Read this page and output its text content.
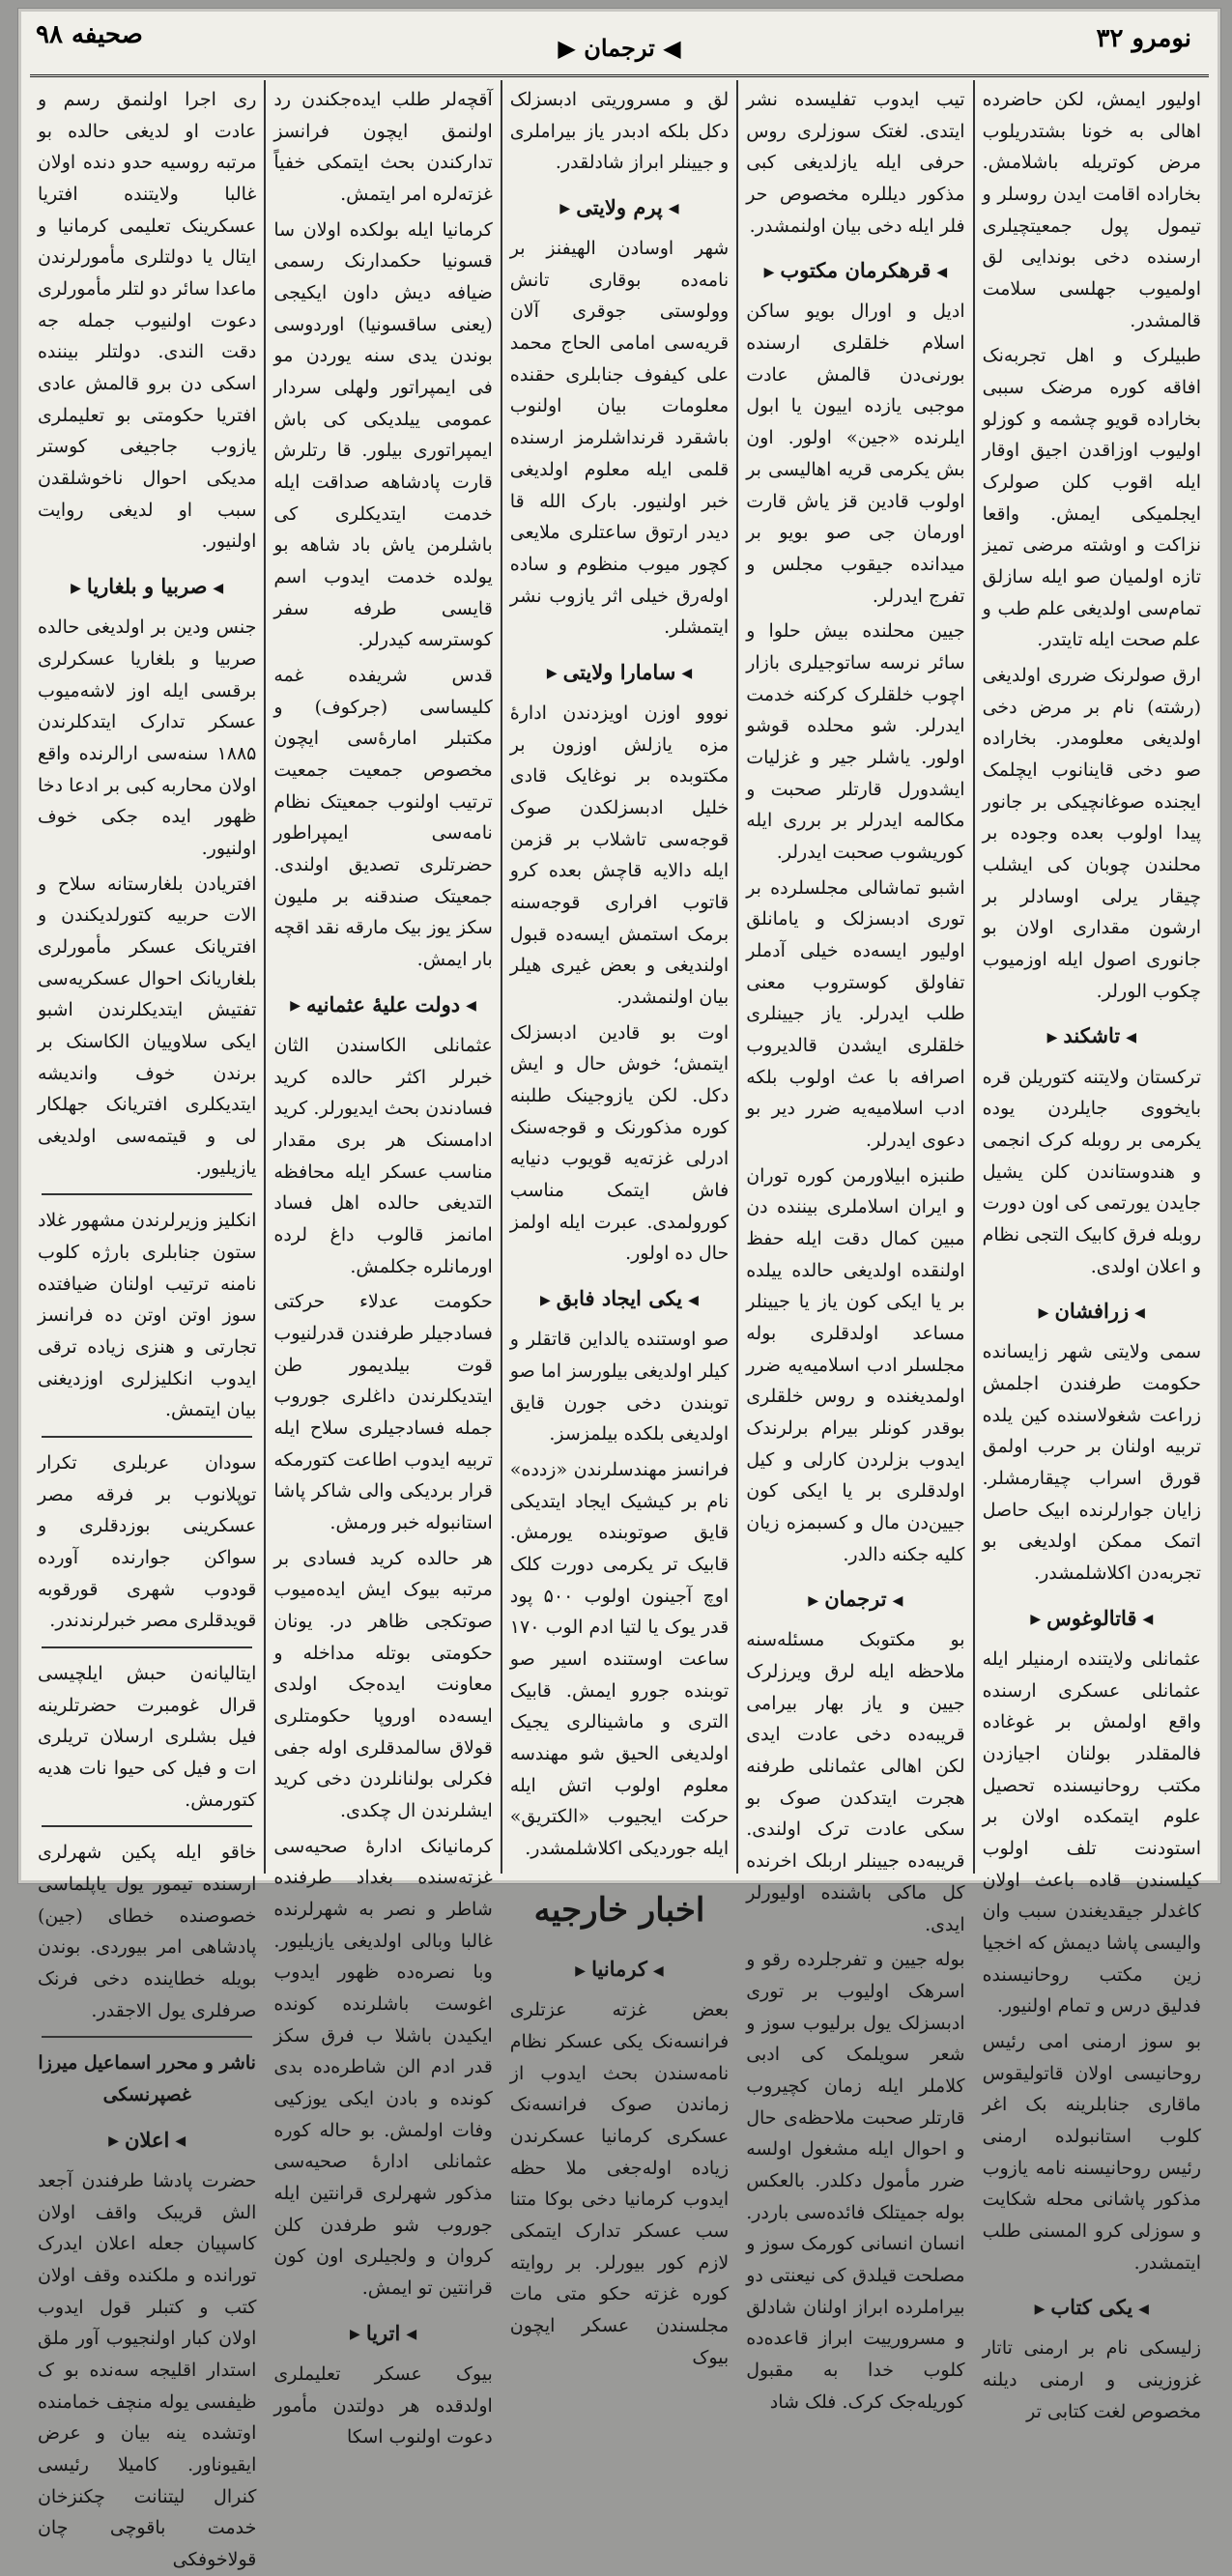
صحیفه ۹۸	◀ ترجمان ▶	نومرو ۳۲

اولیور ایمش، لکن حاضرده اهالی به خونا بشتدریلوب مرض کوتریله باشلامش. بخاراده اقامت ایدن روسلر و تیمول پول جمعیتچیلری ارسنده دخی بوندایی لق اولمیوب جهلسی سلامت قالمشدر.

طبیلرک و اهل تجربه‌نک افاقه کوره مرضک سببی بخاراده قویو چشمه و کوزلو اولیوب اوزاقدن اجیق اوقار ایله اقوب کلن صولرک ایجلمیکی ایمش. واقعا نزاکت و اوشته مرضی تمیز تازه اولمیان صو ایله سازلق تمام‌سی اولدیغی علم طب و علم صحت ایله تایتدر.

ارق صولرنک ضرری اولدیغی (رشته) نام بر مرض دخی اولدیغی معلومدر. بخاراده صو دخی قاینانوب ایچلمک ایجنده صوغانچیکی بر جانور پیدا اولوب بعده وجوده بر محلندن چوبان کی ایشلب چیقار یرلی اوسادلر بر ارشون مقداری اولان بو جانوری اصول ایله اوزمیوب چکوب الورلر.

◀تاشکند▶

ترکستان ولایتنه کتوریلن قره بایخووی جایلردن یوده یکرمی بر روبله کرک انجمی و هندوستاندن کلن یشیل جایدن یورتمی کی اون دورت روبله فرق کابیک التجی نظام و اعلان اولدی.

◀زرافشان▶

سمی ولایتی شهر زایسانده حکومت طرفندن اجلمش زراعت شغولاسنده کین یلده تربیه اولنان بر حرب اولمق قورق اسراب چیقارمشلر. زایان جوارلرنده ابیک حاصل اتمک ممکن اولدیغی بو تجربه‌دن اکلاشلمشدر.

◀قاتالوغوس▶

عثمانلی ولایتنده ارمنیلر ایله عثمانلی عسکری ارسنده واقع اولمش بر غوغاده فالمقلدر بولنان اجیازدن مکتب روحانیسنده تحصیل علوم ایتمکده اولان بر استودنت تلف اولوب کیلسندن قاده باعث اولان کاغدلر جیقدیغندن سبب وان والیسی پاشا دیمش که اخجیا زین مکتب روحانیسنده فدلیق درس و تمام اولنیور.

بو سوز ارمنی امی رئیس روحانیسی اولان قاتولیقوس ماقاری جنابلرینه بک اغر کلوب استانبولده ارمنی رئیس روحانیسنه نامه یازوب مذکور پاشانی محله شکایت و سوزلی کرو المسنی طلب ایتمشدر.

◀یکی کتاب▶

زلیسکی نام بر ارمنی تاتار غزوزینی و ارمنی دیلنه مخصوص لغت کتابی تر

تیب ایدوب تفلیسده نشر ایتدی. لغتک سوزلری روس حرفی ایله یازلدیغی کبی مذکور دیللره مخصوص حر فلر ایله دخی بیان اولنمشدر.

◀قرهکرمان مکتوب▶

ادیل و اورال بویو ساکن اسلام خلقلری ارسنده بورنی‌دن قالمش عادت موجبی یازده اییون یا ابول ایلرنده «جین» اولور. اون بش یکرمی قریه اهالیسی بر اولوب قادین قز یاش قارت اورمان جی صو بویو بر میدانده جیقوب مجلس و تفرج ایدرلر.

جیین محلنده بیش حلوا و سائر نرسه ساتوجیلری بازار اچوب خلقلرک کرکنه خدمت ایدرلر. شو محلده قوشو اولور. یاشلر جیر و غزلیات ایشدورل قارتلر صحبت و مکالمه ایدرلر بر برری ایله کوریشوب صحبت ایدرلر.

اشبو تماشالی مجلسلرده بر توری ادبسزلک و یامانلق اولیور ایسه‌ده خیلی آدملر تفاولق کوستروب معنی طلب ایدرلر. یاز جیینلری خلقلری ایشدن قالدیروب اصرافه با عث اولوب بلکه ادب اسلامیه‌یه ضرر دیر بو دعوی ایدرلر.

طنبزه ابیلاورمن کوره توران و ایران اسلاملری بیننده دن مبین کمال دقت ایله حفظ اولنقده اولدیغی حالده ییلده بر یا ایکی کون یاز یا جیینلر مساعد اولدقلری بوله مجلسلر ادب اسلامیه‌یه ضرر اولمدیغنده و روس خلقلری بوقدر کونلر بیرام برلرندک ایدوب بزلردن کارلی و کیل اولدقلری بر یا ایکی کون جیین‌دن مال و کسبمزه زیان کلیه جکنه دالدر.

◀ترجمان▶

بو مکتوبک مسئله‌سنه ملاحظه ایله لرق ویرزلرک جیین و یاز بهار بیرامی قریبه‌ده دخی عادت ایدی لکن اهالی عثمانلی طرفنه هجرت ایتدکدن صوک بو سکی عادت ترک اولندی. قریبه‌ده جیینلر اربلک اخرنده کل ماکی باشنده اولیورلر ایدی.

بوله جیین و تفرجلرده رقو و اسرهک اولیوب بر توری ادبسزلک یول برلیوب سوز و شعر سویلمک کی ادبی کلاملر ایله زمان کچیروب قارتلر صحبت ملاحظه‌ی حال و احوال ایله مشغول اولسه ضرر مأمول دکلدر. بالعکس بوله جمیتلک فائده‌سی باردر. انسان انسانی کورمک سوز و مصلحت قیلدق کی نیعنتی دو بیراملرده ابراز اولنان شادلق و مسرورییت ابراز قاعده‌ده کلوب خدا به مقبول کوریله‌جک کرک. فلک شاد

لق و مسروریتی ادبسزلک دکل بلکه ادبدر یاز بیراملری و جیینلر ابراز شادلقدر.

◀پرم ولایتی▶

شهر اوسادن الهیفنز بر نامه‌ده بوقاری تانش وولوستی جوقری آلان قریه‌سی امامی الحاج محمد علی کیفوف جنابلری حقنده معلومات بیان اولنوب باشقرد قرنداشلرمز ارسنده قلمی ایله معلوم اولدیغی خبر اولنیور. بارک الله قا دیدر ارتوق ساعتلری ملایعی کچور میوب منظوم و ساده اوله‌رق خیلی اثر یازوب نشر ایتمشلر.

◀سامارا ولایتی▶

نووو اوزن اویزدندن ادارهٔ مزه یازلش اوزون بر مکتوبده بر نوغایک قادی خلیل ادبسزلکدن صوک قوجه‌سی تاشلاب بر قزمن ایله دالایه قاچش بعده کرو قاتوب افراری قوجه‌سنه برمک استمش ایسه‌ده قبول اولندیغی و بعض غیری هیلر بیان اولنمشدر.

اوت بو قادین ادبسزلک ایتمش؛ خوش حال و ایش دکل. لکن یازوجینک طلبنه کوره مذکورنک و قوجه‌سنک ادرلی غزته‌یه قویوب دنیایه فاش ایتمک مناسب کورولمدی. عبرت ایله اولمز حال ده اولور.

◀یکی ایجاد فابق▶

صو اوستنده یالداین قاتقلر و کیلر اولدیغی بیلورسز اما صو توبندن دخی جورن قایق اولدیغی بلکده بیلمزسز.

فرانسز مهندسلرندن «زدده» نام بر کیشیک ایجاد ایتدیکی قایق صوتوبنده یورمش. قابیک تر یکرمی دورت کلک اوچ آجینون اولوب ۵۰۰ پود قدر یوک یا لتیا ادم الوب ۱۷۰ ساعت اوستنده اسیر صو توبنده جورو ایمش. قابیک التری و ماشینالری یجیک اولدیغی الحیق شو مهندسه معلوم اولوب اتش ایله حرکت ایجیوب «الکتریق» ایله جوردیکی اکلاشلمشدر.

اخبار خارجیه
◀کرمانیا▶

بعض غزته عزتلری فرانسه‌نک یکی عسکر نظام نامه‌سندن بحث ایدوب از زماندن صوک فرانسه‌نک عسکری کرمانیا عسکرندن زیاده اوله‌جغی ملا حظه ایدوب کرمانیا دخی بوکا متنا سب عسکر تدارک ایتمکی لازم کور بیورلر. بر روایته کوره غزته حکو متی مات مجلسندن عسکر ایچون بیوک

آقچه‌لر طلب ایده‌جکندن رد اولنمق ایچون فرانسز تدارکندن بحث ایتمکی خفیاً غزته‌لره امر ایتمش.

کرمانیا ایله بولکده اولان سا قسونیا حکمدارنک رسمی ضیافه دیش داون ایکیجی (یعنی ساقسونیا) اوردوسی بوندن یدی سنه یوردن مو فی ایمپراتور ولهلی سردار عمومی ییلدیکی کی باش ایمپراتوری بیلور. قا رتلرش قارت پادشاهه صداقت ایله خدمت ایتدیکلری کی باشلرمن یاش باد شاهه بو یولده خدمت ایدوب اسم قایسی طرفه سفر کوسترسه کیدرلر.

قدس شریفده غمه کلیساسی (جرکوف) و مکتبلر امارهٔ‌سی ایچون مخصوص جمعیت جمعیت ترتیب اولنوب جمعیتک نظام نامه‌سی ایمپراطور حضرتلری تصدیق اولندی. جمعیتک صندقنه بر ملیون سکز یوز بیک مارقه نقد اقچه بار ایمش.

◀دولت علیهٔ عثمانیه▶

عثمانلی الکاسندن الثان خبرلر اکثر حالده کرید فسادندن بحث ایدیورلر. کرید ادامسنک هر بری مقدار مناسب عسکر ایله محافظه التدیغی حالده اهل فساد امانمز قالوب داغ لرده اورمانلره جکلمش.

حکومت عدلاء حرکتی فسادجیلر طرفندن قدرلنیوب قوت بیلدیمور طن ایتدیکلرندن داغلری جوروب جمله فسادجیلری سلاح ایله تربیه ایدوب اطاعت کتورمکه قرار بردیکی والی شاکر پاشا استانبوله خبر ورمش.

هر حالده کرید فسادی بر مرتبه بیوک ایش ایده‌میوب صوتکجی ظاهر در. یونان حکومتی بوتله مداخله و معاونت ایده‌جک اولدی ایسه‌ده اوروپا حکومتلری قولاق سالمدقلری اوله جفی فکرلی بولنانلردن دخی کرید ایشلرندن ال چکدی.

کرمانیانک ادارهٔ صحیه‌سی غزته‌سنده بغداد طرفنده شاطر و نصر به شهرلرنده غالبا وبالی اولدیغی یازیلیور. وبا نصره‌ده ظهور ایدوب اغوست باشلرنده کونده ایکیدن باشلا ب فرق سکز قدر ادم الن شاطره‌ده بدی کونده و بادن ایکی یوزکیی وفات اولمش. بو حاله کوره عثمانلی ادارهٔ صحیه‌سی مذکور شهرلری قرانتین ایله جوروب شو طرفدن کلن کروان و ولجیلری اون کون قرانتین تو ایمش.

◀اتریا▶

بیوک عسکر تعلیملری اولدقده هر دولتدن مأمور دعوت اولنوب اسکا

ری اجرا اولنمق رسم و عادت او لدیغی حالده بو مرتبه روسیه حدو دنده اولان غالبا ولایتنده افتریا عسکرینک تعلیمی کرمانیا و ایتال یا دولتلری مأمورلرندن ماعدا سائر دو لتلر مأمورلری دعوت اولنیوب جمله جه دقت الندی. دولتلر بیننده اسکی دن برو قالمش عادی افتریا حکومتی بو تعلیملری یازوب جاجیغی کوستر مدیکی احوال ناخوشلقدن سبب او لدیغی روایت اولنیور.

◀صربیا و بلغاریا▶

جنس ودین بر اولدیغی حالده صربیا و بلغاریا عسکرلری برقسی ایله اوز لاشه‌میوب عسکر تدارک ایتدکلرندن ۱۸۸۵ سنه‌سی ارالرنده واقع اولان محاربه کبی بر ادعا دخا ظهور ایده جکی خوف اولنیور.

افتریادن بلغارستانه سلاح و الات حربیه کتورلدیکندن و افتریانک عسکر مأمورلری بلغاریانک احوال عسکریه‌سی تفتیش ایتدیکلرندن اشبو ایکی سلاوییان الکاسنک بر برندن خوف واندیشه ایتدیکلری افتریانک جهلکار لی و قیتمه‌سی اولدیغی یازیلیور.

انکلیز وزیرلرندن مشهور غلاد ستون جنابلری بارژه کلوب نامنه ترتیب اولنان ضیافتده سوز اوتن اوتن ده فرانسز تجارتی و هنزی زیاده ترقی ایدوب انکلیزلری اوزدیغنی بیان ایتمش.

سودان عربلری تکرار توپلانوب بر فرقه مصر عسکرینی بوزدقلری و سواکن جوارنده آورده قودوب شهری قورقوبه قویدقلری مصر خبرلرندندر.

ایتالیانه‌ن حبش ایلچیسی قرال غومبرت حضرتلرینه فیل بشلری ارسلان تریلری ات و فیل کی حیوا نات هدیه کتورمش.

خاقو ایله پکین شهرلری ارسنده تیمور یول یاپلماسی خصوصنده خطای (جین) پادشاهی امر بیوردی. بوندن بویله خطاینده دخی فرنک صرفلری یول الاجقدر.

ناشر و محرر اسماعیل میرزا غصپرنسکی
◀اعلان▶

حضرت پادشا طرفندن آجعد الش قریبک واقف اولان کاسپیان جعله اعلان ایدرک تورانده و ملکنده وقف اولان کتب و کتبلر قول ایدوب اولان کبار اولنجیوب آور ملق استدار اقلیجه سه‌نده بو ک ظیفسی یوله منچف خمامنده اوتشده ینه بیان و عرض ایقیوناور. کامیلا رئیسی کنرال لیتنانت چکنزخان خدمت باقوچی چان قولاخوفکی
